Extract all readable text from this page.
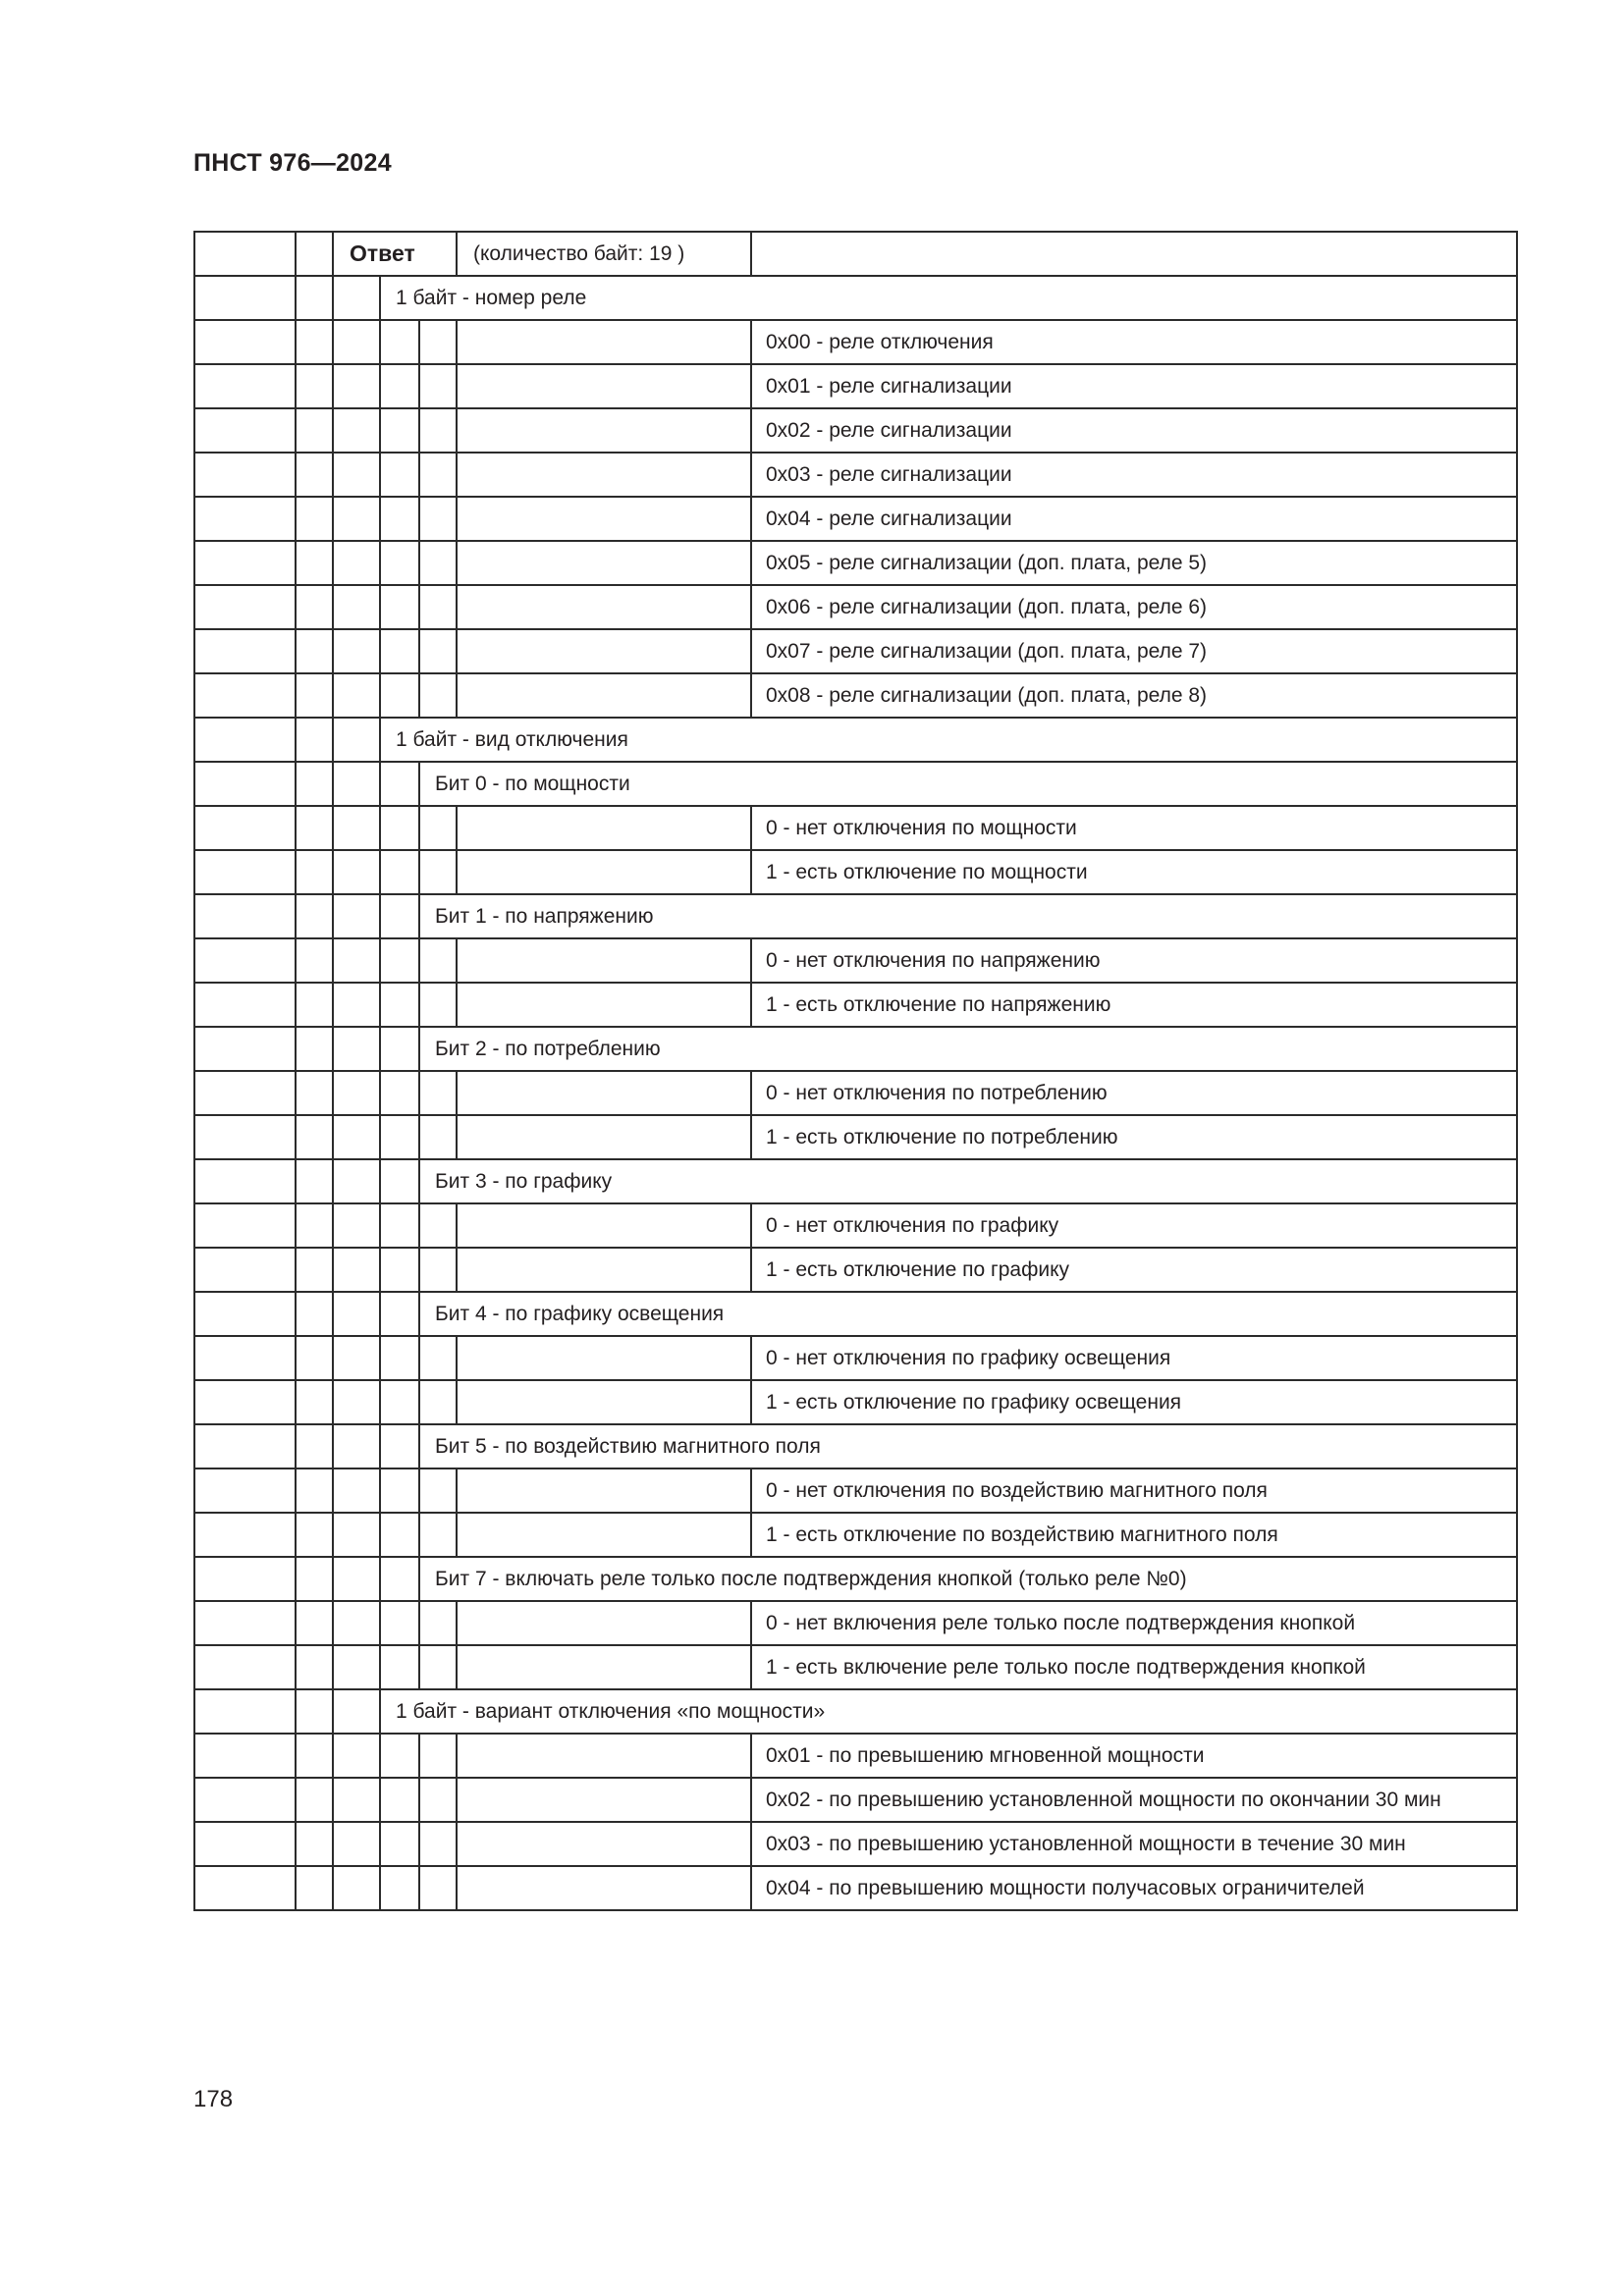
ПНСТ 976—2024
		Ответ			(количество байт: 19 )	
			1 байт - номер реле			
						0x00 - реле отключения
						0x01 - реле сигнализации
						0x02 - реле сигнализации
						0x03 - реле сигнализации
						0x04 - реле сигнализации
						0x05 - реле сигнализации (доп. плата, реле 5)
						0x06 - реле сигнализации (доп. плата, реле 6)
						0x07 - реле сигнализации (доп. плата, реле 7)
						0x08 - реле сигнализации (доп. плата, реле 8)
			1 байт - вид отключения			
				Бит 0 - по мощности		
						0 - нет отключения по мощности
						1 - есть отключение по мощности
				Бит 1 - по напряжению		
						0 - нет отключения по напряжению
						1 - есть отключение по напряжению
				Бит 2 - по потреблению		
						0 - нет отключения по потреблению
						1 - есть отключение по потреблению
				Бит 3 - по графику		
						0 - нет отключения по графику
						1 - есть отключение по графику
				Бит 4 - по графику освещения		
						0 - нет отключения по графику освещения
						1 - есть отключение по графику освещения
				Бит 5 - по воздействию магнитного поля		
						0 - нет отключения по воздействию магнитного поля
						1 - есть отключение по воздействию магнитного поля
				Бит 7 - включать реле только после подтверждения кнопкой (только реле №0)		
						0 - нет включения реле только после подтверждения кнопкой
						1 - есть включение реле только после подтверждения кнопкой
			1 байт - вариант отключения «по мощности»			
						0x01 - по превышению мгновенной мощности
						0x02 - по превышению установленной мощности по окончании 30 мин
						0x03 - по превышению установленной мощности в течение 30 мин
						0x04 - по превышению мощности получасовых ограничителей
178
